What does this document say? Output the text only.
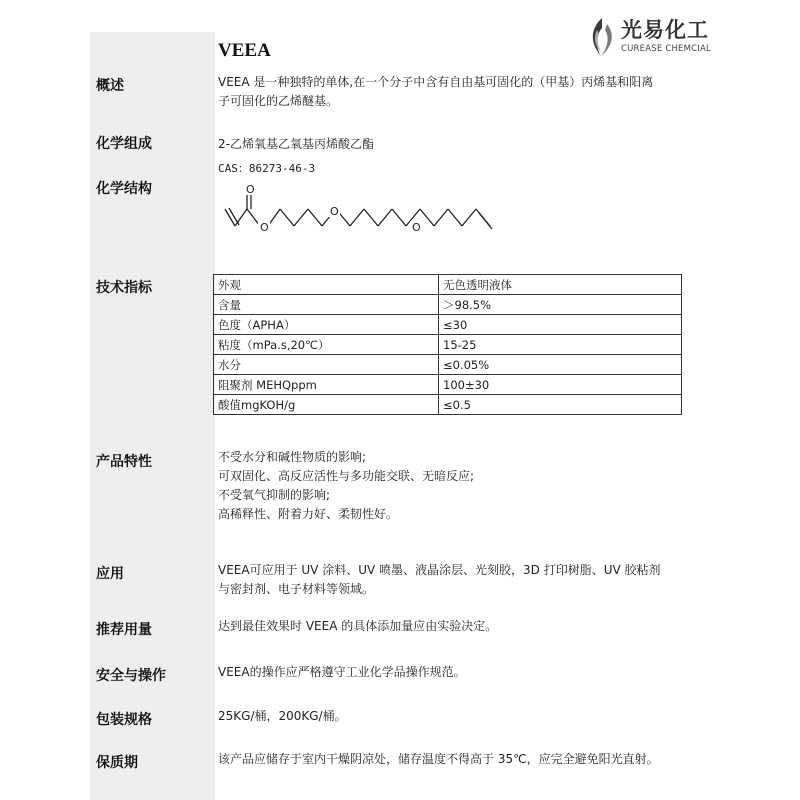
光易化工
CUREASE CHEMCIAL
VEEA
概述	VEEA 是一种独特的单体,在一个分子中含有自由基可固化的（甲基）丙烯基和阳离
子可固化的乙烯醚基。
化学组成	2-乙烯氧基乙氧基丙烯酸乙酯
CAS：86273-46-3
化学结构	O
O
O
O
技术指标	外观	无色透明液体
含量	＞98.5%
色度（APHA）	≤30
粘度（mPa.s,20℃）	15-25
水分	≤0.05%
阻聚剂 MEHQppm	100±30
酸值mgKOH/g	≤0.5
产品特性	不受水分和碱性物质的影响;
可双固化、高反应活性与多功能交联、无暗反应;
不受氧气抑制的影响;
高稀释性、附着力好、柔韧性好。
应用	VEEA可应用于 UV 涂料、UV 喷墨、液晶涂层、光刻胶，3D 打印树脂、UV 胶粘剂
与密封剂、电子材料等领域。
推荐用量	达到最佳效果时 VEEA 的具体添加量应由实验决定。
安全与操作	VEEA的操作应严格遵守工业化学品操作规范。
包装规格	25KG/桶，200KG/桶。
保质期	该产品应储存于室内干燥阴凉处，储存温度不得高于 35℃，应完全避免阳光直射。
